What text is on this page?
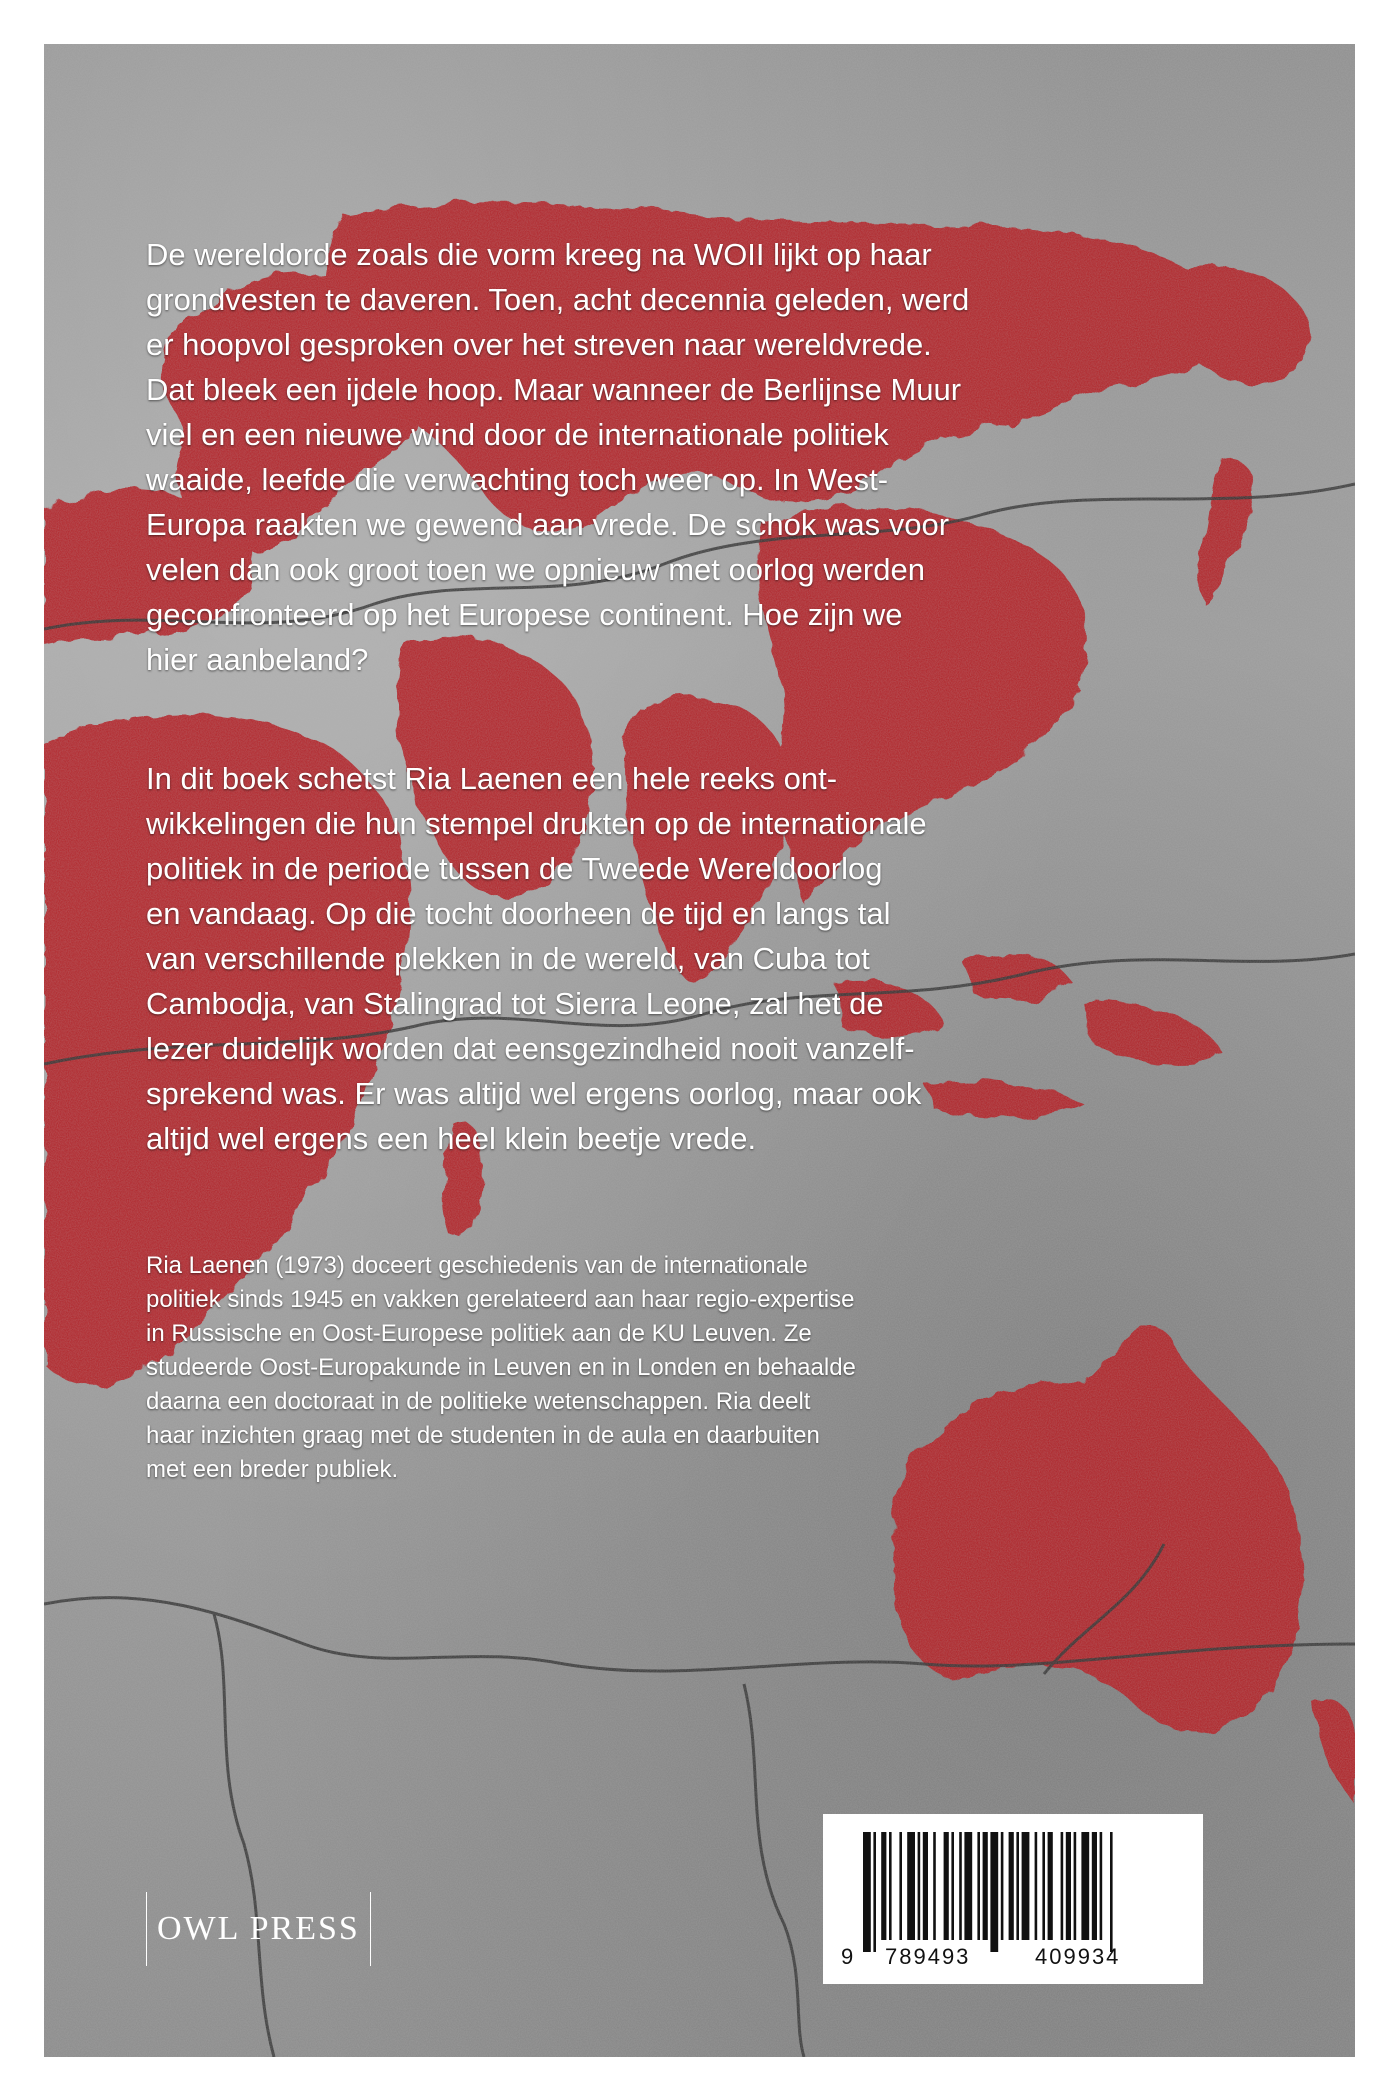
De wereldorde zoals die vorm kreeg na WOII lijkt op haar
grondvesten te daveren. Toen, acht decennia geleden, werd
er hoopvol gesproken over het streven naar wereldvrede.
Dat bleek een ijdele hoop. Maar wanneer de Berlijnse Muur
viel en een nieuwe wind door de internationale politiek
waaide, leefde die verwachting toch weer op. In West-
Europa raakten we gewend aan vrede. De schok was voor
velen dan ook groot toen we opnieuw met oorlog werden
geconfronteerd op het Europese continent. Hoe zijn we
hier aanbeland?

In dit boek schetst Ria Laenen een hele reeks ont-
wikkelingen die hun stempel drukten op de internationale
politiek in de periode tussen de Tweede Wereldoorlog
en vandaag. Op die tocht doorheen de tijd en langs tal
van verschillende plekken in de wereld, van Cuba tot
Cambodja, van Stalingrad tot Sierra Leone, zal het de
lezer duidelijk worden dat eensgezindheid nooit vanzelf-
sprekend was. Er was altijd wel ergens oorlog, maar ook
altijd wel ergens een heel klein beetje vrede.

Ria Laenen (1973) doceert geschiedenis van de internationale
politiek sinds 1945 en vakken gerelateerd aan haar regio-expertise
in Russische en Oost-Europese politiek aan de KU Leuven. Ze
studeerde Oost-Europakunde in Leuven en in Londen en behaalde
daarna een doctoraat in de politieke wetenschappen. Ria deelt
haar inzichten graag met de studenten in de aula en daarbuiten
met een breder publiek.

OWL PRESS
9 789493	409934
